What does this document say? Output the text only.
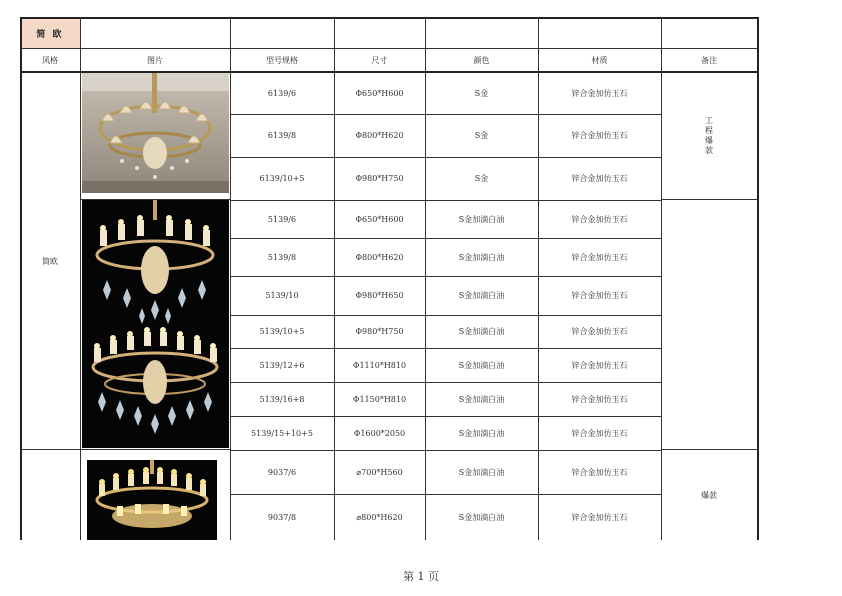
简 欧
风格	图片	型号规格	尺寸	颜色	材质	备注
简欧
6139/6	Φ650*H600	S金	锌合金加仿玉石
6139/8	Φ800*H620	S金	锌合金加仿玉石
6139/10+5	Φ980*H750	S金	锌合金加仿玉石
5139/6	Φ650*H600	S金加滴白油	锌合金加仿玉石
5139/8	Φ800*H620	S金加滴白油	锌合金加仿玉石
5139/10	Φ980*H650	S金加滴白油	锌合金加仿玉石
5139/10+5	Φ980*H750	S金加滴白油	锌合金加仿玉石
5139/12+6	Φ1110*H810	S金加滴白油	锌合金加仿玉石
5139/16+8	Φ1150*H810	S金加滴白油	锌合金加仿玉石
5139/15+10+5	Φ1600*2050	S金加滴白油	锌合金加仿玉石
9037/6	⌀700*H560	S金加滴白油	锌合金加仿玉石
9037/8	⌀800*H620	S金加滴白油	锌合金加仿玉石
工程爆款
爆款
第 1 页
